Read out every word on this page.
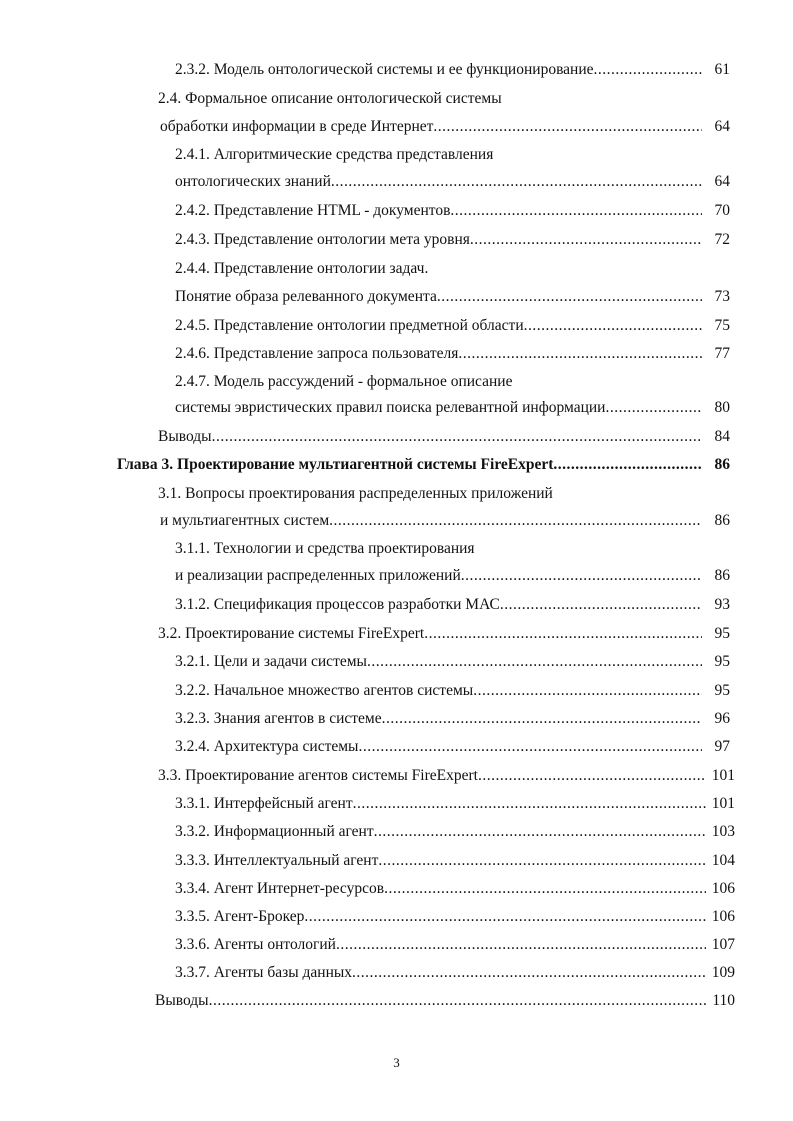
2.3.2. Модель онтологической системы и ее функционирование .....	61
2.4. Формальное описание онтологической системы
обработки информации в среде Интернет .....	64
2.4.1. Алгоритмические средства представления
онтологических знаний .....	64
2.4.2. Представление HTML - документов .....	70
2.4.3. Представление онтологии мета уровня .....	72
2.4.4. Представление онтологии задач.
Понятие образа релеванного документа .....	73
2.4.5. Представление онтологии предметной области .....	75
2.4.6. Представление запроса пользователя .....	77
2.4.7. Модель рассуждений - формальное описание
системы эвристических правил поиска релевантной информации .....	80
Выводы .....	84
Глава 3. Проектирование мультиагентной системы FireExpert .....	86
3.1. Вопросы проектирования распределенных приложений
и мультиагентных систем .....	86
3.1.1. Технологии и средства проектирования
и реализации распределенных приложений .....	86
3.1.2. Спецификация процессов разработки МАС .....	93
3.2. Проектирование системы FireExpert .....	95
3.2.1. Цели и задачи системы .....	95
3.2.2. Начальное множество агентов системы .....	95
3.2.3. Знания агентов в системе .....	96
3.2.4. Архитектура системы .....	97
3.3. Проектирование агентов системы FireExpert .....	101
3.3.1. Интерфейсный агент .....	101
3.3.2. Информационный агент .....	103
3.3.3. Интеллектуальный агент .....	104
3.3.4. Агент Интернет-ресурсов .....	106
3.3.5. Агент-Брокер .....	106
3.3.6. Агенты онтологий .....	107
3.3.7. Агенты базы данных .....	109
Выводы .....	110
3
